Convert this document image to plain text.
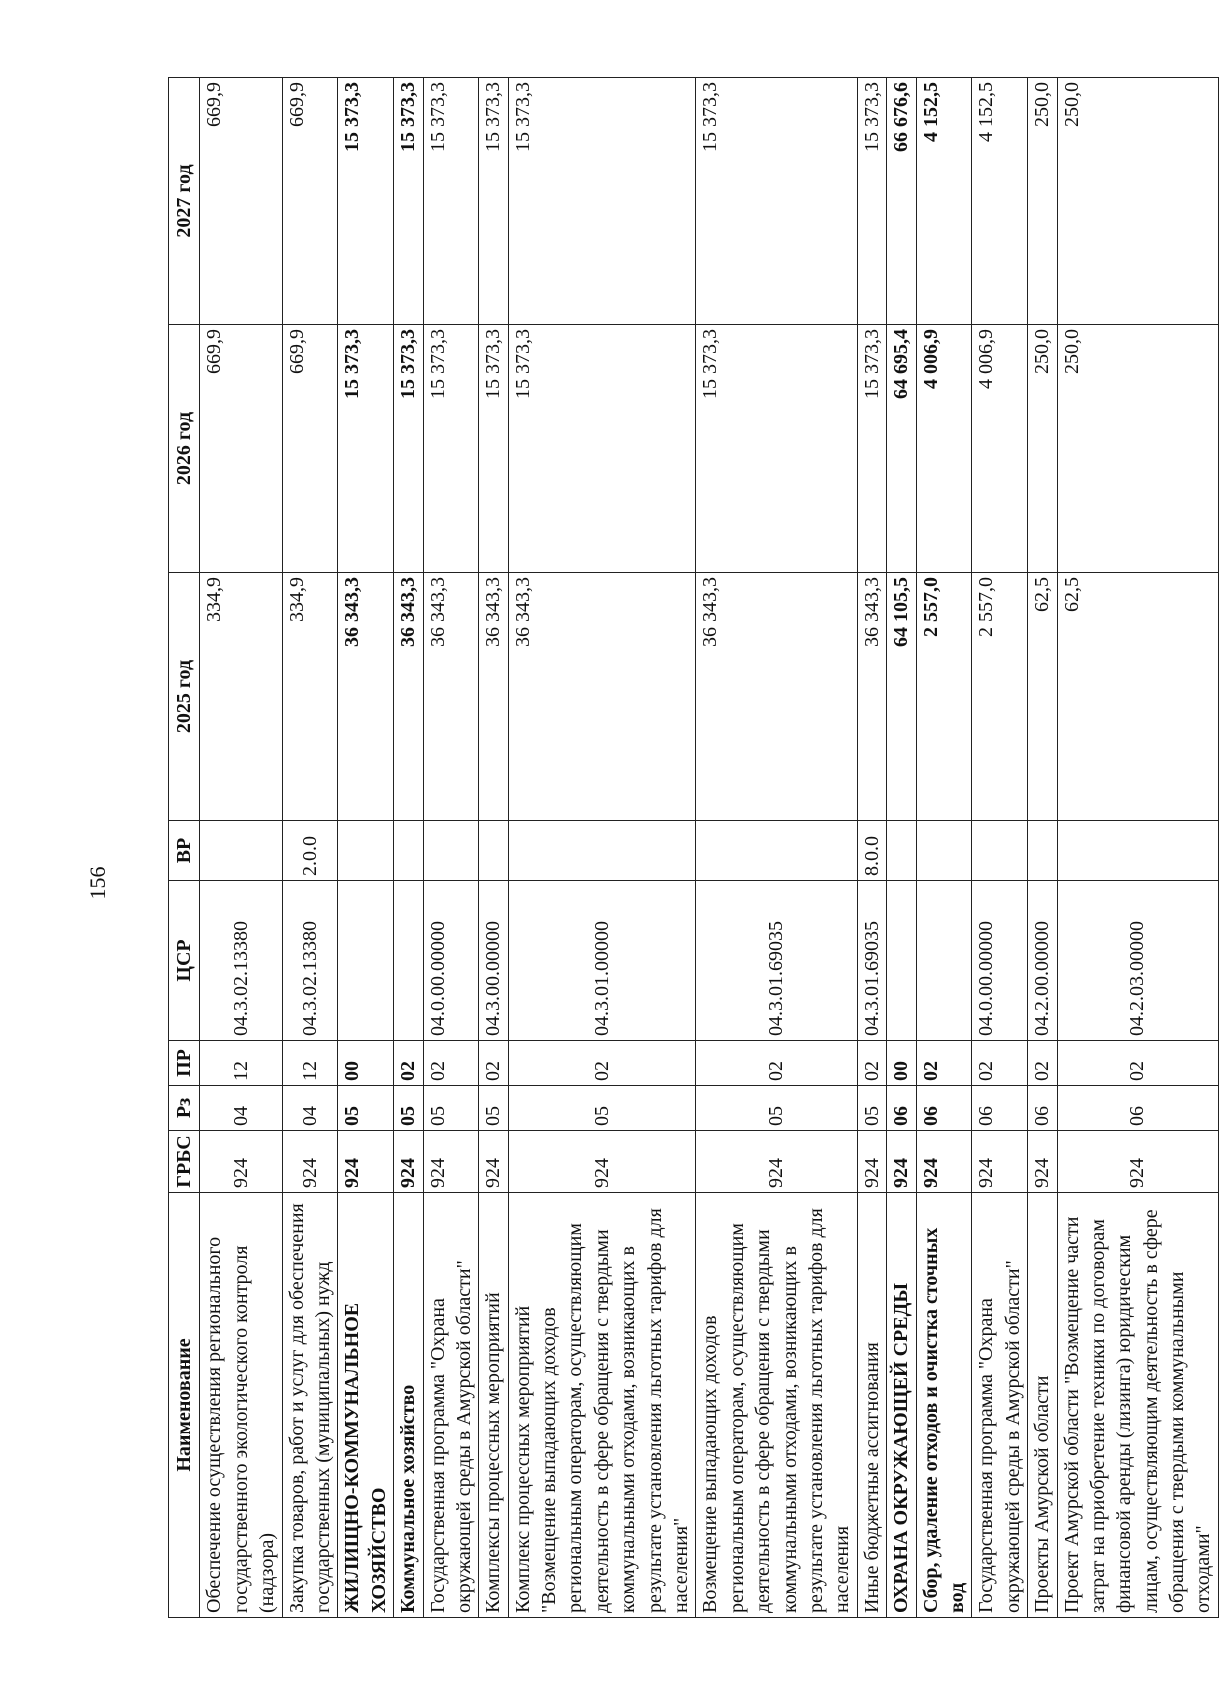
156
Наименование	ГРБС	Рз	ПР	ЦСР	ВР	2025 год	2026 год	2027 год
Обеспечение осуществления регионального государственного экологического контроля (надзора)	924	04	12	04.3.02.13380		334,9	669,9	669,9
Закупка товаров, работ и услуг для обеспечения государственных (муниципальных) нужд	924	04	12	04.3.02.13380	2.0.0	334,9	669,9	669,9
ЖИЛИЩНО-КОММУНАЛЬНОЕ ХОЗЯЙСТВО	924	05	00			36 343,3	15 373,3	15 373,3
Коммунальное хозяйство	924	05	02			36 343,3	15 373,3	15 373,3
Государственная программа "Охрана окружающей среды в Амурской области"	924	05	02	04.0.00.00000		36 343,3	15 373,3	15 373,3
Комплексы процессных мероприятий	924	05	02	04.3.00.00000		36 343,3	15 373,3	15 373,3
Комплекс процессных мероприятий "Возмещение выпадающих доходов региональным операторам, осуществляющим деятельность в сфере обращения с твердыми коммунальными отходами, возникающих в результате установления льготных тарифов для населения"	924	05	02	04.3.01.00000		36 343,3	15 373,3	15 373,3
Возмещение выпадающих доходов региональным операторам, осуществляющим деятельность в сфере обращения с твердыми коммунальными отходами, возникающих в результате установления льготных тарифов для населения	924	05	02	04.3.01.69035		36 343,3	15 373,3	15 373,3
Иные бюджетные ассигнования	924	05	02	04.3.01.69035	8.0.0	36 343,3	15 373,3	15 373,3
ОХРАНА ОКРУЖАЮЩЕЙ СРЕДЫ	924	06	00			64 105,5	64 695,4	66 676,6
Сбор, удаление отходов и очистка сточных вод	924	06	02			2 557,0	4 006,9	4 152,5
Государственная программа "Охрана окружающей среды в Амурской области"	924	06	02	04.0.00.00000		2 557,0	4 006,9	4 152,5
Проекты Амурской области	924	06	02	04.2.00.00000		62,5	250,0	250,0
Проект Амурской области "Возмещение части затрат на приобретение техники по договорам финансовой аренды (лизинга) юридическим лицам, осуществляющим деятельность в сфере обращения с твердыми коммунальными отходами"	924	06	02	04.2.03.00000		62,5	250,0	250,0
